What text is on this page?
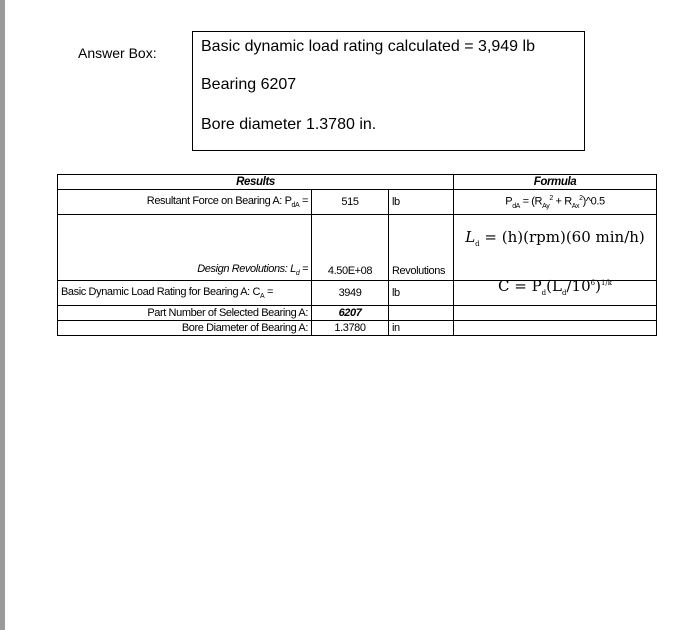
Answer Box:	Basic dynamic load rating calculated = 3,949 lb
Bearing 6207
Bore diameter 1.3780 in.
Results			Formula
Resultant Force on Bearing A: $P_{dA}$ =	515	lb	$P_{dA} = (R_{Ay}^2$ + $R_{Ax}^2)\^{}0.5$
Design Revolutions: $L_d$ =	4.50E+08	Revolutions	$L_d = (h)(rpm)(60$ min/h)
Basic Dynamic Load Rating for Bearing A: $C_A$ =	3949	lb	$C = P_d(L_d/10^6)^{1/k}$
Part Number of Selected Bearing A:	6207		
Bore Diameter of Bearing A:	1.3780	in	
